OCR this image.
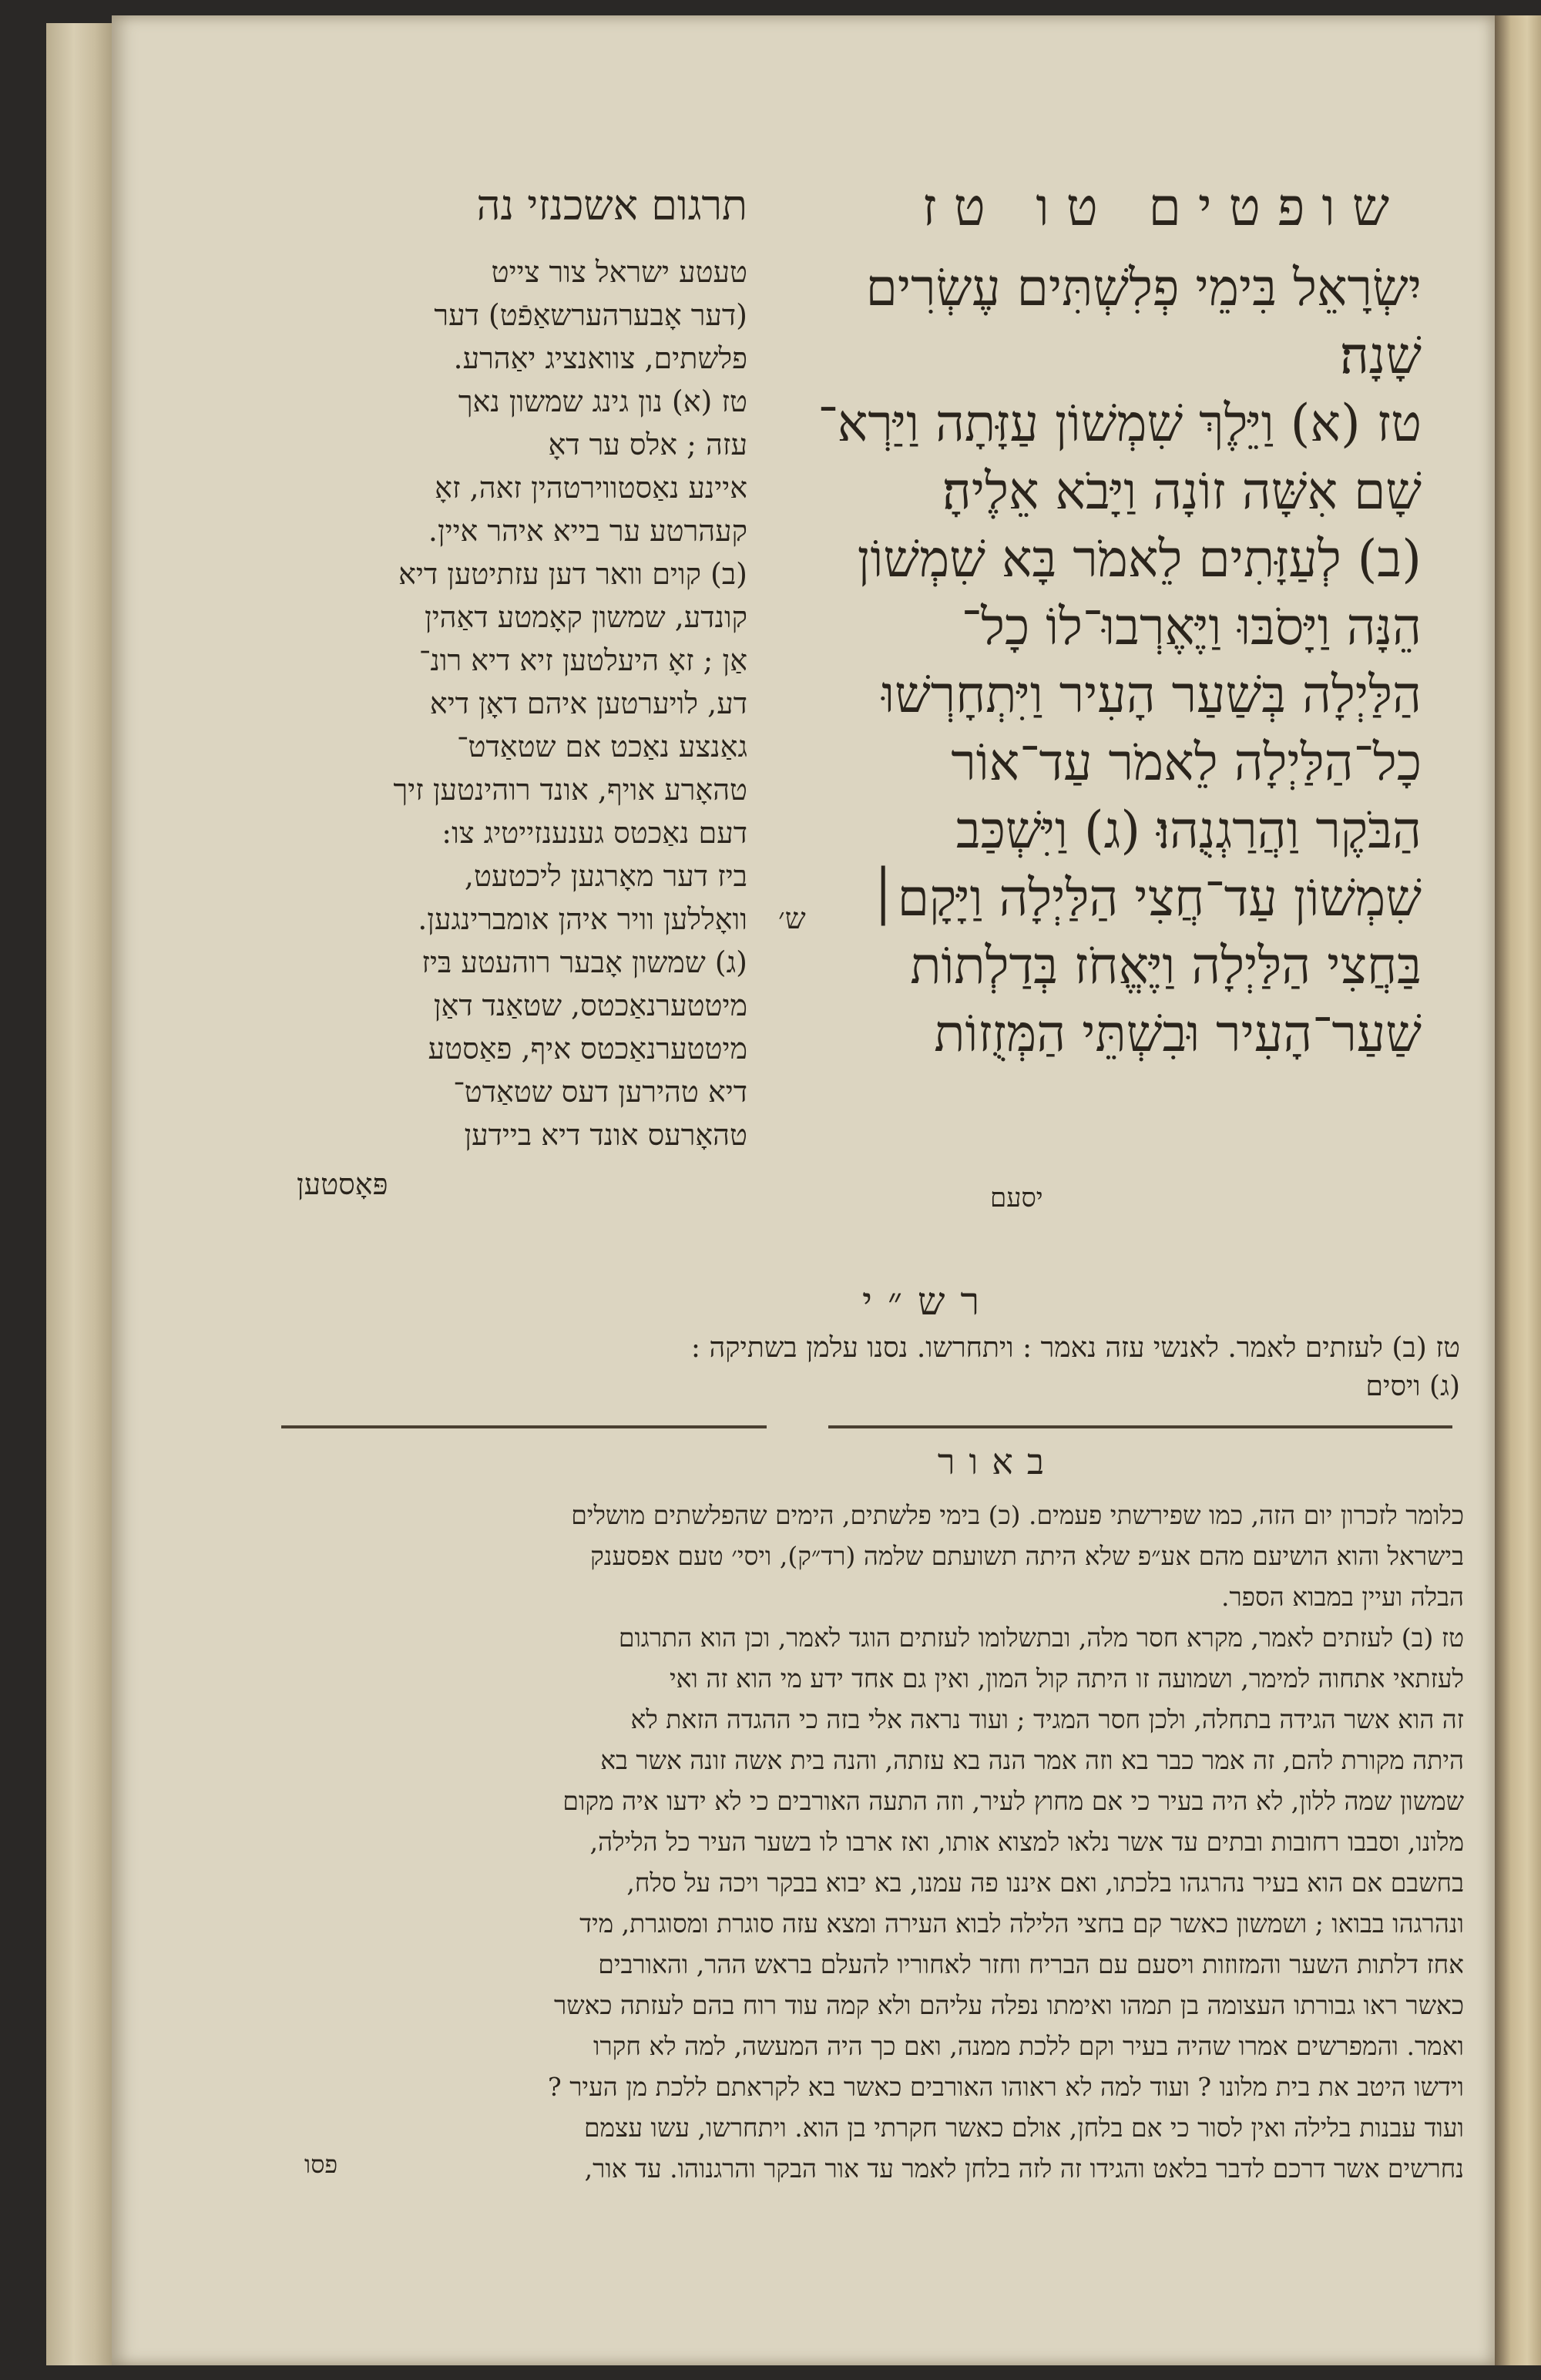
שופטים טו טז
תרגום אשכנזי נה
יִשְׂרָאֵל בִּימֵי פְלִשְׁתִּים עֶשְׂרִים
שָׁנָה׃
טז (א) וַיֵּלֶךְ שִׁמְשׁוֹן עַזָּתָה וַיַּרְא־
שָׁם אִשָּׁה זוֹנָה וַיָּבֹא אֵלֶיהָ׃
(ב) לְעַזָּתִים לֵאמֹר בָּא שִׁמְשׁוֹן
הֵנָּה וַיָּסֹבּוּ וַיֶּאֶרְבוּ־לוֹ כָל־
הַלַּיְלָה בְּשַׁעַר הָעִיר וַיִּתְחָרְשׁוּ
כָל־הַלַּיְלָה לֵאמֹר עַד־אוֹר
הַבֹּקֶר וַהֲרַגְנֻהוּ׃ (ג) וַיִּשְׁכַּב
שִׁמְשׁוֹן עַד־חֲצִי הַלַּיְלָה וַיָּקָם׀
בַּחֲצִי הַלַּיְלָה וַיֶּאֱחֹז בְּדַלְתוֹת
שַׁעַר־הָעִיר וּבִשְׁתֵּי הַמְּזֻזוֹת
ש׳
טעטע ישראל צור צייט
(דער אָבערהערשאַפֿט) דער
פלשתים, צוואנציג יאַהרע.
טז (א) נון גינג שמשון נאך
עזה ; אלס ער דאָ
איינע נאַסטווירטהין זאה, זאָ
קעהרטע ער בייא איהר איין.
(ב) קוים וואר דען עזתיטען דיא
קונדע, שמשון קאָמטע דאַהין
אַן ; זאָ היעלטען זיא דיא רונ־
דע, לויערטען איהם דאָן דיא
גאַנצע נאַכט אם שטאַדט־
טהאָרע אויף, אונד רוהינטען זיך
דעם נאַכטס גענענזייטיג צו:
ביז דער מאָרגען ליכטעט,
וואָללען וויר איהן אומברינגען.
(ג) שמשון אָבער רוהעטע בּיז
מיטטערנאַכטס, שטאַנד דאַן
מיטטערנאַכטס איף, פאַסטע
דיא טהירען דעס שטאַדט־
טהאָרעס אונד דיא ביידען
פּאָסטען	יסעם
רש״י
טז (ב) לעזתים לאמר. לאנשי עזה נאמר : ויתחרשו. נסנו עלמן בשתיקה :
(ג) ויסים
באור
כלומר לזכרון יום הזה, כמו שפירשתי פעמים. (כ) בימי פלשתים, הימים שהפלשתים מושלים
בישראל והוא הושיעם מהם אע״פ שלא היתה תשועתם שלמה (רד״ק), ויסי׳ טעם אפסענק
הבלה ועיין במבוא הספר.
טז (ב) לעזתים לאמר, מקרא חסר מלה, ובתשלומו לעזתים הוגד לאמר, וכן הוא התרגום
לעזתאי אתחוה למימר, ושמועה זו היתה קול המון, ואין גם אחד ידע מי הוא זה ואי
זה הוא אשר הגידה בתחלה, ולכן חסר המגיד ; ועוד נראה אלי בזה כי ההגדה הזאת לא
היתה מקורת להם, זה אמר כבר בא וזה אמר הנה בא עזתה, והנה בית אשה זונה אשר בא
שמשון שמה ללון, לא היה בעיר כי אם מחוץ לעיר, וזה התעה האורבים כי לא ידעו איה מקום
מלונו, וסבבו רחובות ובתים עד אשר נלאו למצוא אותו, ואז ארבו לו בשער העיר כל הלילה,
בחשבם אם הוא בעיר נהרגהו בלכתו, ואם איננו פה עמנו, בא יבוא בבקר ויכה על סלח,
ונהרגהו בבואו ; ושמשון כאשר קם בחצי הלילה לבוא העירה ומצא עזה סוגרת ומסוגרת, מיד
אחז דלתות השער והמזוזות ויסעם עם הבריח וחזר לאחוריו להעלם בראש ההר, והאורבים
כאשר ראו גבורתו העצומה בן תמהו ואימתו נפלה עליהם ולא קמה עוד רוח בהם לעזתה כאשר
ואמר. והמפרשים אמרו שהיה בעיר וקם ללכת ממנה, ואם כך היה המעשה, למה לא חקרו
וידשו היטב את בית מלונו ? ועוד למה לא ראוהו האורבים כאשר בא לקראתם ללכת מן העיר ?
ועוד עבנות בלילה ואין לסור כי אם בלחן, אולם כאשר חקרתי בן הוא. ויתחרשו, עשו עצמם
נחרשים אשר דרכם לדבר בלאט והגידו זה לזה בלחן לאמר עד אור הבקר והרגנוהו. עד אור,
פסו
